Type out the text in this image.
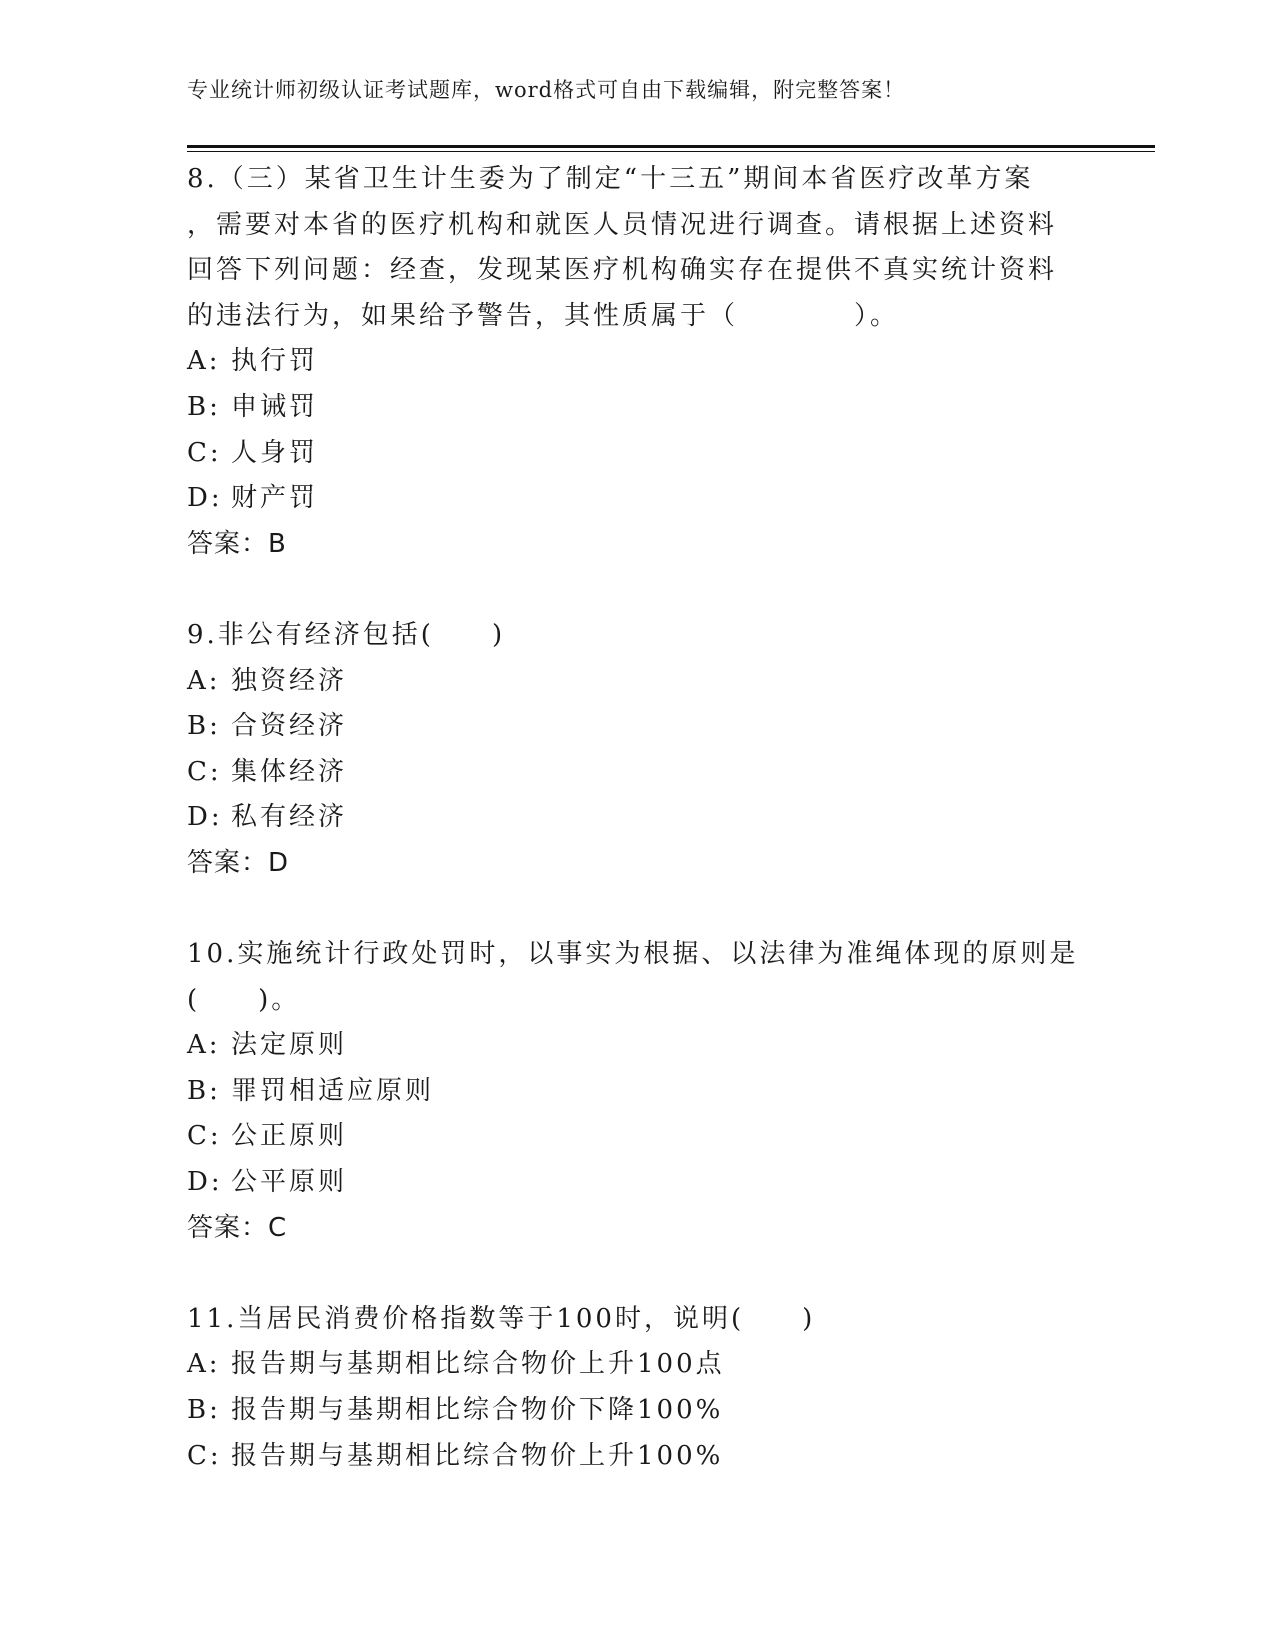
专业统计师初级认证考试题库，word格式可自由下载编辑，附完整答案！
8.（三）某省卫生计生委为了制定“十三五”期间本省医疗改革方案
，需要对本省的医疗机构和就医人员情况进行调查。请根据上述资料
回答下列问题：经查，发现某医疗机构确实存在提供不真实统计资料
的违法行为，如果给予警告，其性质属于（　　　　）。
A: 执行罚
B: 申诫罚
C: 人身罚
D: 财产罚
答案：B
9.非公有经济包括(　　)
A: 独资经济
B: 合资经济
C: 集体经济
D: 私有经济
答案：D
10.实施统计行政处罚时，以事实为根据、以法律为准绳体现的原则是
(　　)。
A: 法定原则
B: 罪罚相适应原则
C: 公正原则
D: 公平原则
答案：C
11.当居民消费价格指数等于100时，说明(　　)
A: 报告期与基期相比综合物价上升100点
B: 报告期与基期相比综合物价下降100%
C: 报告期与基期相比综合物价上升100%
